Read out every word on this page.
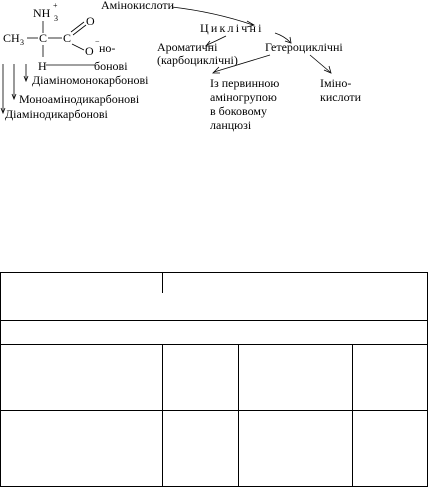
NH 3
+
CH 3 C C
O
O
−
H
но-
бонові
Діаміномонокарбонові
Моноамінодикарбонові
Діамінодикарбонові
Амінокислоти
Циклічні
Ароматичні
(карбоциклічні)
Гетероциклічні
Із первинною
аміногрупою
в боковому
ланцюзі
Іміно-
кислоти
